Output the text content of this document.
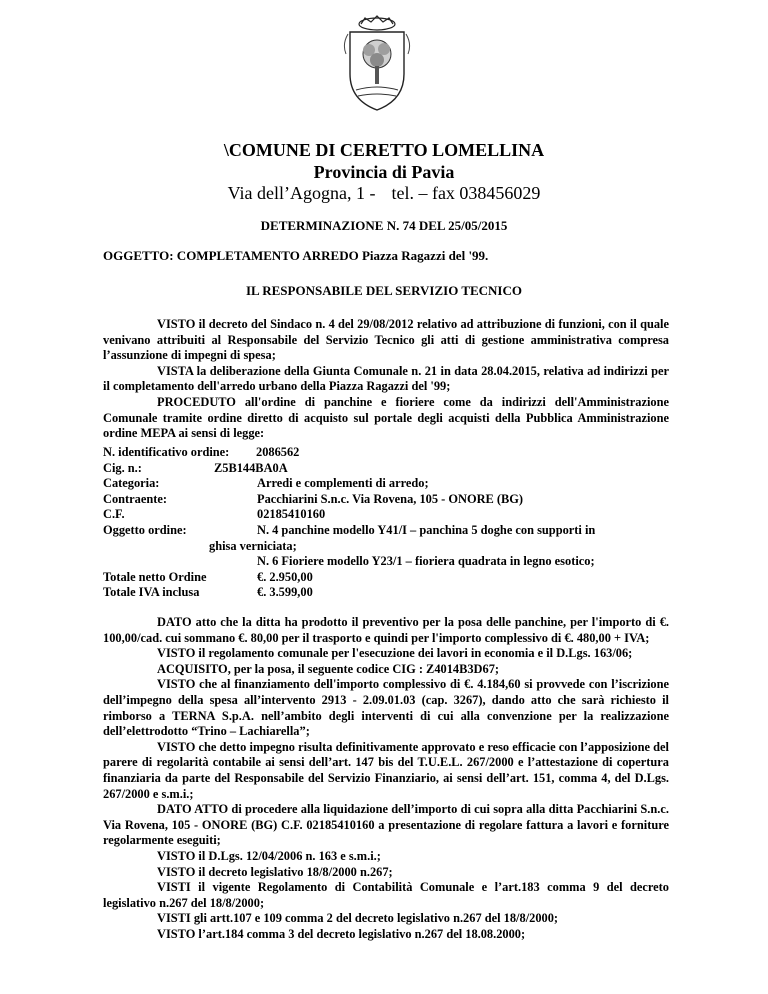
\COMUNE DI CERETTO LOMELLINA
Provincia di Pavia
Via dell’Agogna, 1 - tel. – fax 038456029
DETERMINAZIONE N. 74 DEL 25/05/2015
OGGETTO: COMPLETAMENTO ARREDO Piazza Ragazzi del '99.
IL RESPONSABILE DEL SERVIZIO TECNICO

VISTO il decreto del Sindaco n. 4 del 29/08/2012 relativo ad attribuzione di funzioni, con il quale venivano attribuiti al Responsabile del Servizio Tecnico gli atti di gestione amministrativa compresa l’assunzione di impegni di spesa;

VISTA la deliberazione della Giunta Comunale n. 21 in data 28.04.2015, relativa ad indirizzi per il completamento dell'arredo urbano della Piazza Ragazzi del '99;

PROCEDUTO all'ordine di panchine e fioriere come da indirizzi dell'Amministrazione Comunale tramite ordine diretto di acquisto sul portale degli acquisti della Pubblica Amministrazione ordine MEPA ai sensi di legge:

N. identificativo ordine: 2086562
Cig. n.:	Z5B144BA0A
Categoria:	Arredi e complementi di arredo;
Contraente:	Pacchiarini S.n.c. Via Rovena, 105 - ONORE (BG)
C.F.	02185410160
Oggetto ordine:	N. 4 panchine modello Y41/I – panchina 5 doghe con supporti in
ghisa verniciata;
N. 6 Fioriere modello Y23/1 – fioriera quadrata in legno esotico;
Totale netto Ordine	€. 2.950,00
Totale IVA inclusa	€. 3.599,00

DATO atto che la ditta ha prodotto il preventivo per la posa delle panchine, per l'importo di €. 100,00/cad. cui sommano €. 80,00 per il trasporto e quindi per l'importo complessivo di €. 480,00 + IVA;

VISTO il regolamento comunale per l'esecuzione dei lavori in economia e il D.Lgs. 163/06;

ACQUISITO, per la posa, il seguente codice CIG : Z4014B3D67;

VISTO che al finanziamento dell'importo complessivo di €. 4.184,60 si provvede con l’iscrizione dell’impegno della spesa all’intervento 2913 - 2.09.01.03 (cap. 3267), dando atto che sarà richiesto il rimborso a TERNA S.p.A. nell’ambito degli interventi di cui alla convenzione per la realizzazione dell’elettrodotto “Trino – Lachiarella”;

VISTO che detto impegno risulta definitivamente approvato e reso efficacie con l’apposizione del parere di regolarità contabile ai sensi dell’art. 147 bis del T.U.E.L. 267/2000 e l’attestazione di copertura finanziaria da parte del Responsabile del Servizio Finanziario, ai sensi dell’art. 151, comma 4, del D.Lgs. 267/2000 e s.m.i.;

DATO ATTO di procedere alla liquidazione dell’importo di cui sopra alla ditta Pacchiarini S.n.c. Via Rovena, 105 - ONORE (BG) C.F. 02185410160 a presentazione di regolare fattura a lavori e forniture regolarmente eseguiti;

VISTO il D.Lgs. 12/04/2006 n. 163 e s.m.i.;

VISTO il decreto legislativo 18/8/2000 n.267;

VISTI il vigente Regolamento di Contabilità Comunale e l’art.183 comma 9 del decreto legislativo n.267 del 18/8/2000;

VISTI gli artt.107 e 109 comma 2 del decreto legislativo n.267 del 18/8/2000;

VISTO l’art.184 comma 3 del decreto legislativo n.267 del 18.08.2000;
